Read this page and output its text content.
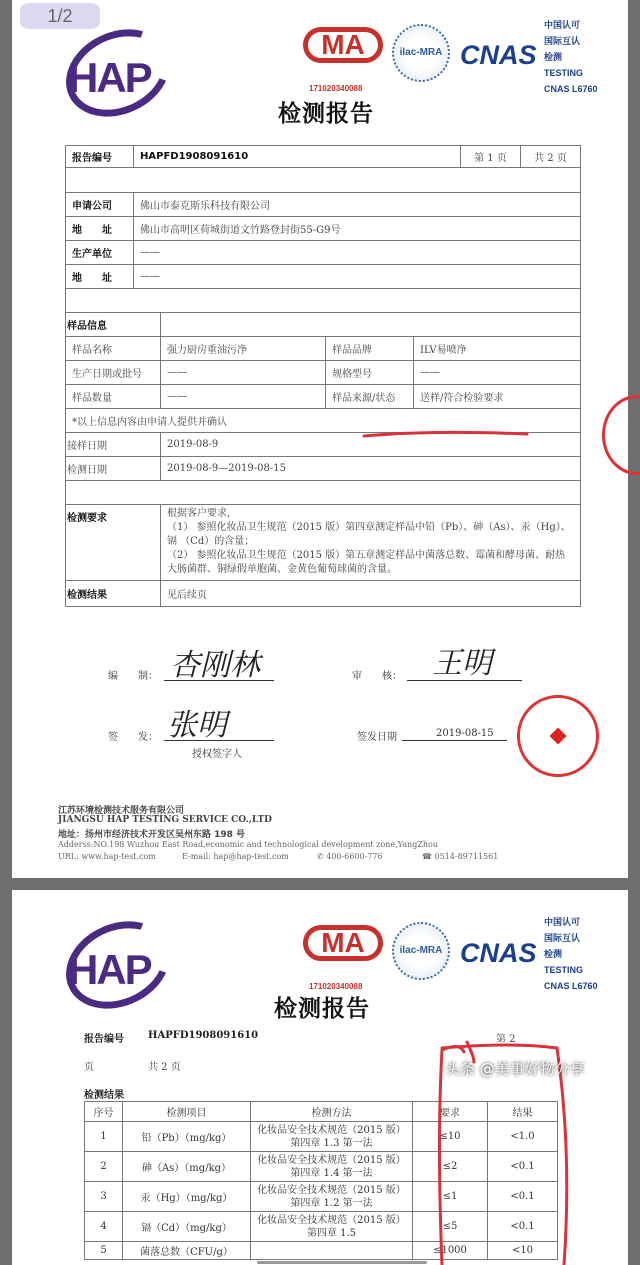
HAP
MA
171020340088
ilac-MRA CNAS
中国认可
国际互认
检测
TESTING
CNAS L6760
检测报告
报告编号	HAPFD1908091610	第 1 页	共 2 页

申请公司	佛山市泰克斯乐科技有限公司		
地　　址	佛山市高明区荷城街道文竹路登封街55-G9号		
生产单位	——		
地　　址	——		

样品信息			
样品名称	强力厨房重油污净	样品品牌	ILV易喷净
生产日期或批号	——	规格型号	——
样品数量	——	样品来源/状态	送样/符合检验要求
*以上信息内容由申请人提供并确认			
接样日期	2019-08-9		
检测日期	2019-08-9—2019-08-15		

检测要求	根据客户要求,
（1） 参照化妆品卫生规范（2015 版）第四章测定样品中铅（Pb）、砷（As）、汞（Hg）、镉 （Cd）的含量；
（2） 参照化妆品卫生规范（2015 版）第五章测定样品中菌落总数、霉菌和酵母菌、耐热大肠菌群、铜绿假单胞菌、金黄色葡萄球菌的含量。		

检测结果	见后续页		
编　　制： 杏刚林	审　　核： 王明
签　　发： 张明
授权签字人
签发日期	2019-08-15
江苏环境检测技术服务有限公司
JIANGSU HAP TESTING SERVICE CO.,LTD
地址：扬州市经济技术开发区吴州东路 198 号
Adderss:NO.198 Wuzhou East Road,economic and technological development zone,YangZhou
URL: www.hap-test.com	E-mail: hap@hap-test.com	✆ 400-6600-776	☎ 0514-89711561
HAP
MA
171020340088
ilac-MRA CNAS
中国认可
国际互认
检测
TESTING
CNAS L6760
检测报告
报告编号 HAPFD1908091610	第 2
页	共 2 页
检测结果
序号	检测项目	检测方法	要求	结果
1	铅（Pb）（mg/kg）	化妆品安全技术规范（2015 版）第四章 1.3 第一法	≤10	<1.0
2	砷（As）（mg/kg）	化妆品安全技术规范（2015 版）第四章 1.4 第一法	≤2	<0.1
3	汞（Hg）（mg/kg）	化妆品安全技术规范（2015 版）第四章 1.2 第一法	≤1	<0.1
4	镉（Cd）（mg/kg）	化妆品安全技术规范（2015 版）第四章 1.5	≤5	<0.1
5	菌落总数（CFU/g）		≤1000	<10
1/2
头条 @美事好物分享
